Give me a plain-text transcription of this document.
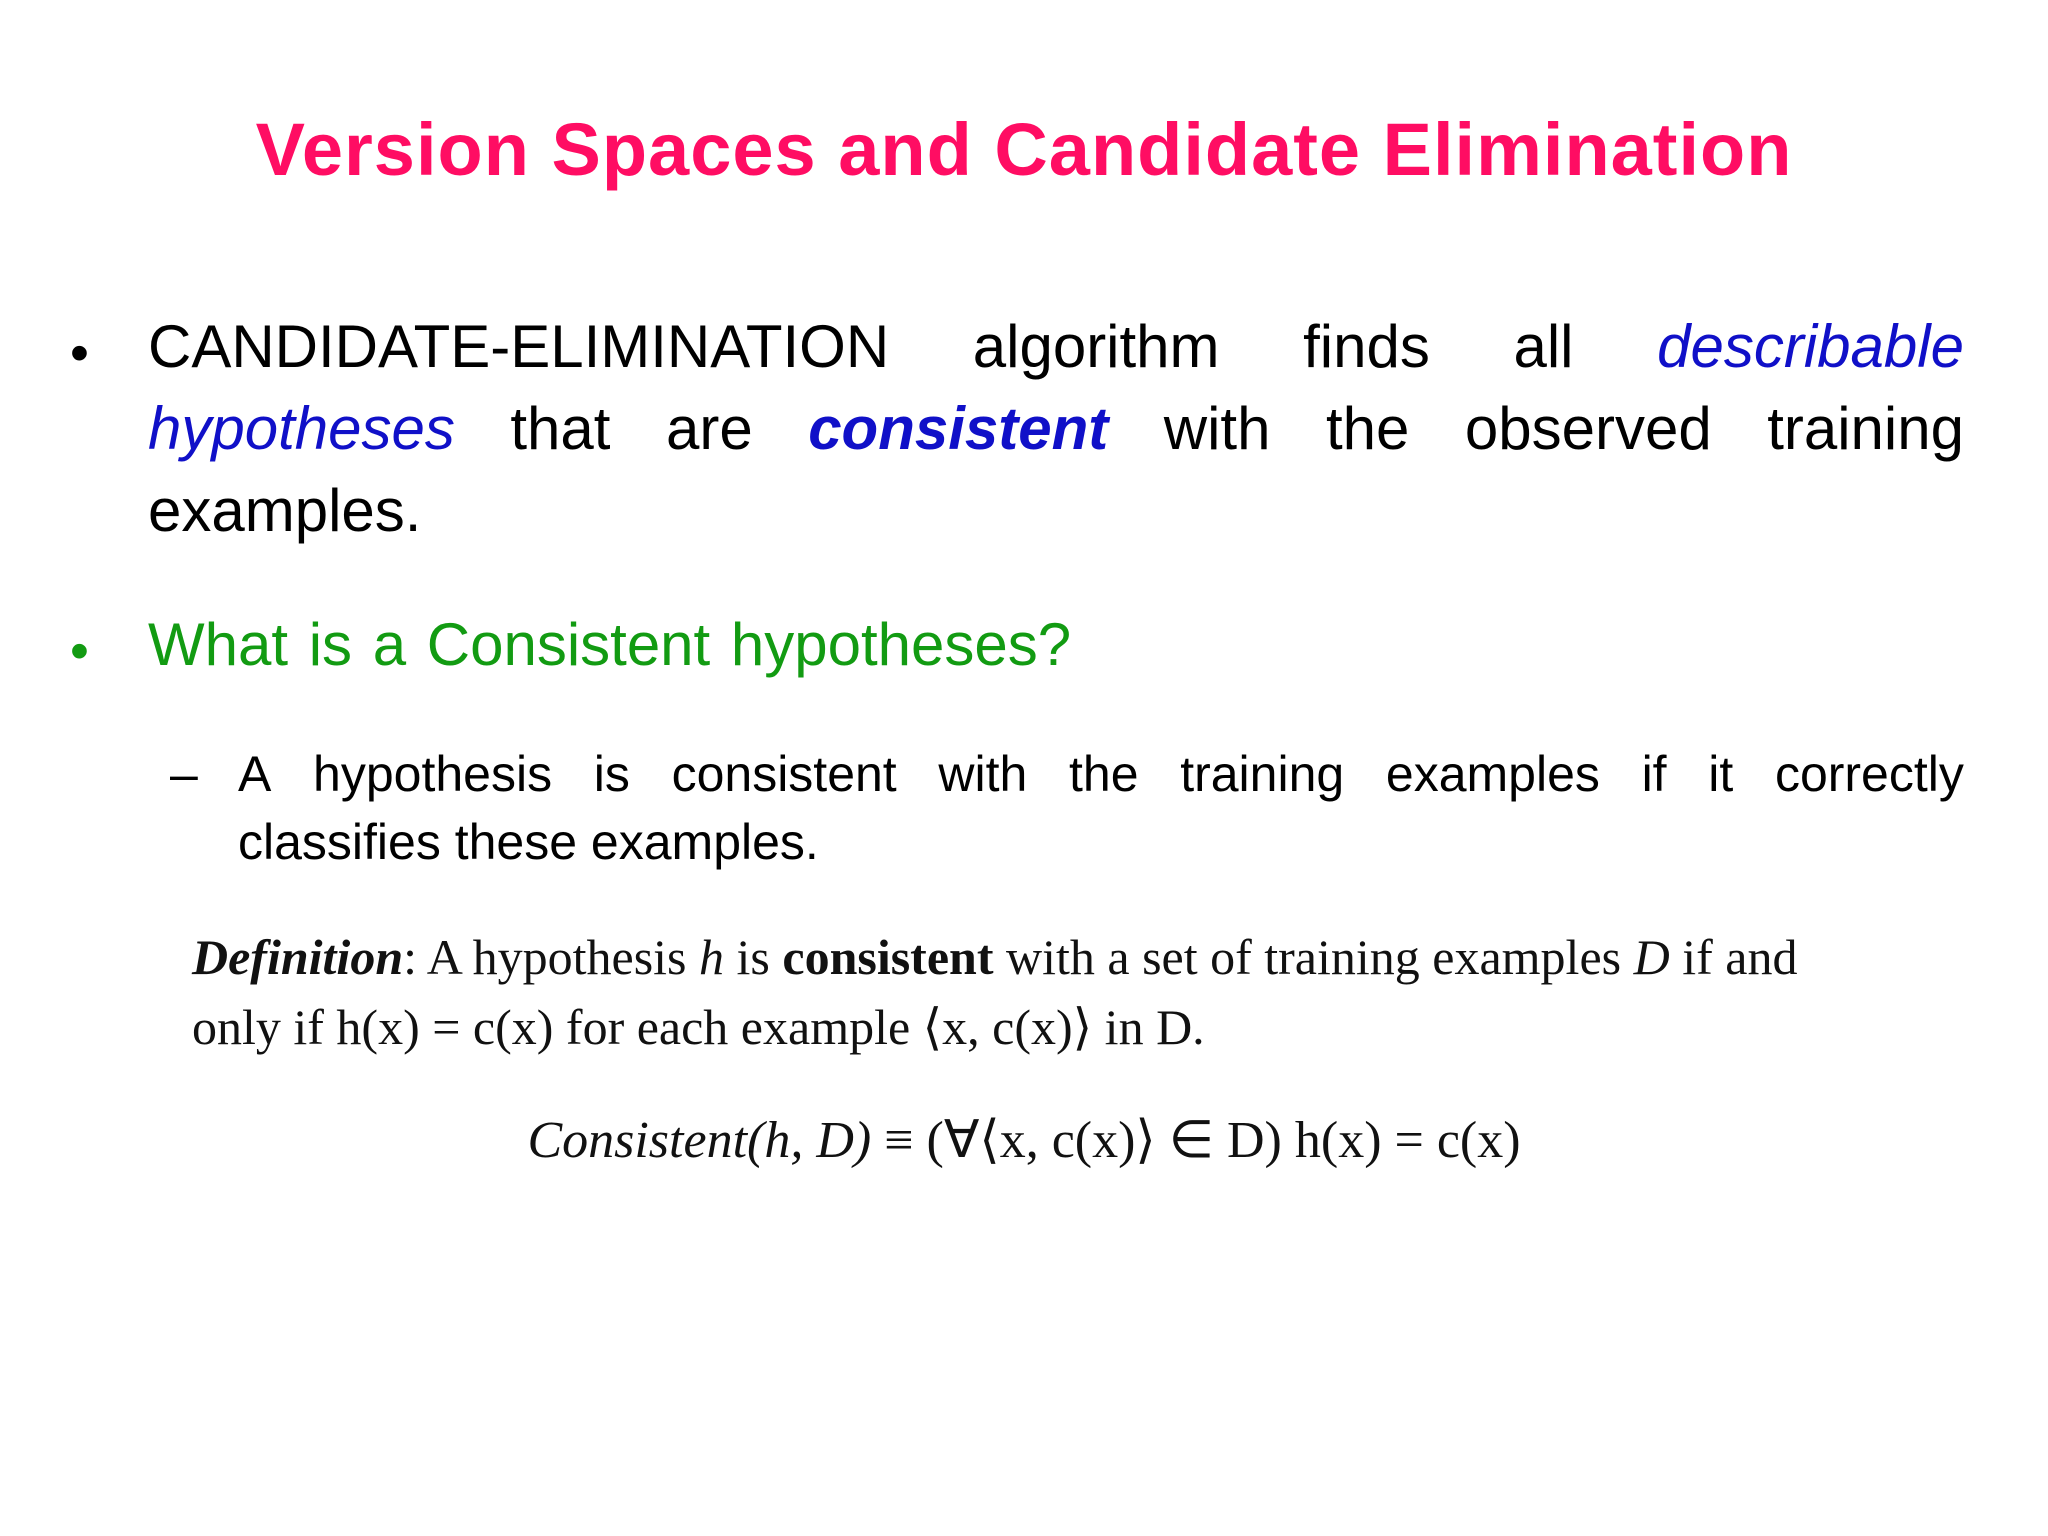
Version Spaces and Candidate Elimination
• CANDIDATE-ELIMINATION algorithm finds all describable
hypotheses that are consistent with the observed training
examples.
• What is a Consistent hypotheses?
– A hypothesis is consistent with the training examples if it correctly
classifies these examples.
Definition: A hypothesis h is consistent with a set of training examples D if and
only if h(x) = c(x) for each example ⟨x, c(x)⟩ in D.
Consistent(h, D) ≡ (∀⟨x, c(x)⟩ ∈ D) h(x) = c(x)
